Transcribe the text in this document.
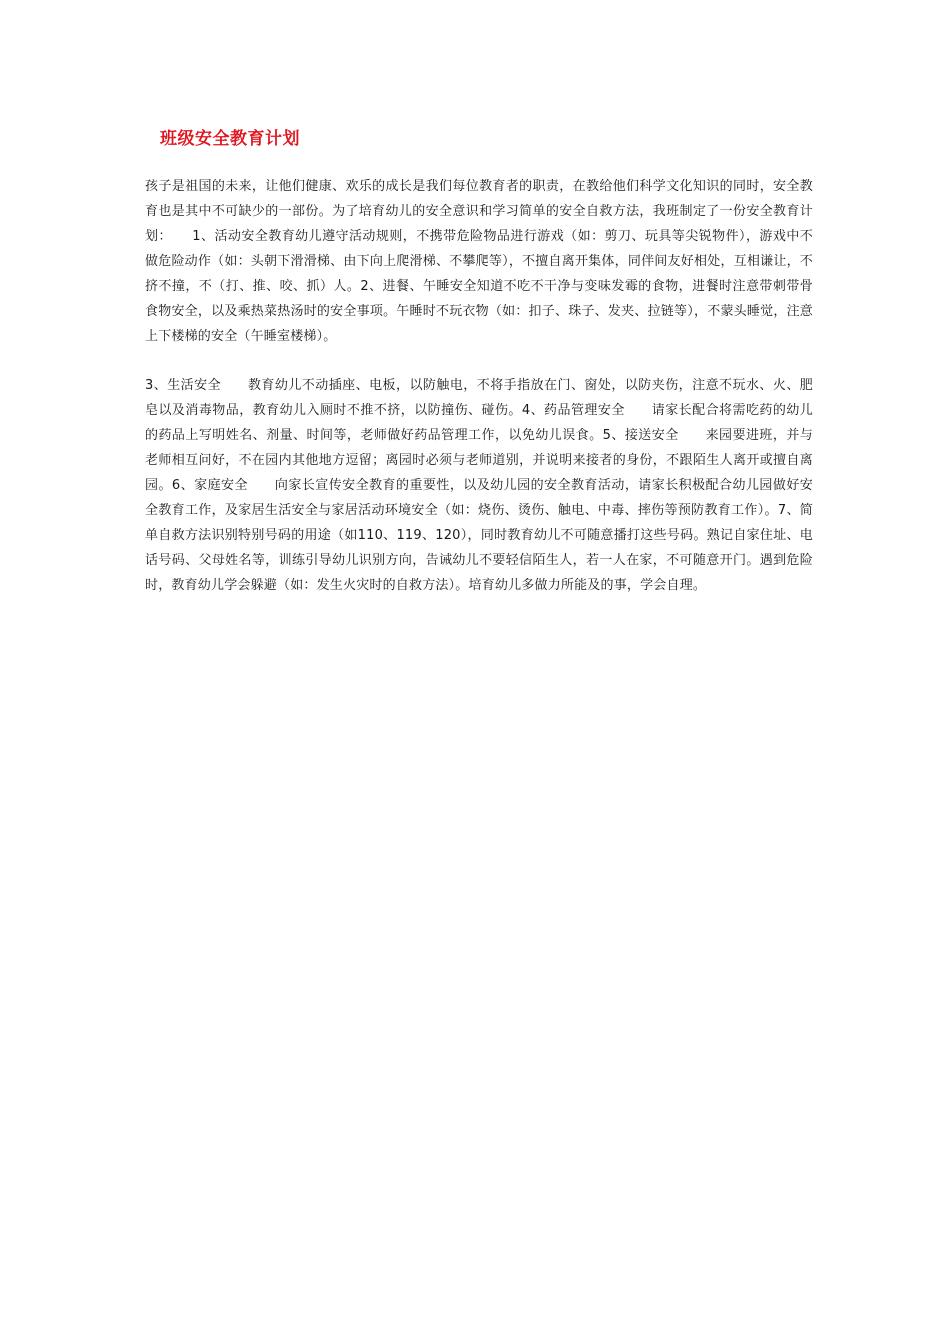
班级安全教育计划

孩子是祖国的未来，让他们健康、欢乐的成长是我们每位教育者的职责，在教给他们科学文化知识的同时，安全教育也是其中不可缺少的一部份。为了培育幼儿的安全意识和学习简单的安全自救方法，我班制定了一份安全教育计划：　　1、活动安全教育幼儿遵守活动规则，不携带危险物品进行游戏（如：剪刀、玩具等尖锐物件），游戏中不做危险动作（如：头朝下滑滑梯、由下向上爬滑梯、不攀爬等），不擅自离开集体，同伴间友好相处，互相谦让，不挤不撞，不（打、推、咬、抓）人。2、进餐、午睡安全知道不吃不干净与变味发霉的食物，进餐时注意带刺带骨食物安全，以及乘热菜热汤时的安全事项。午睡时不玩衣物（如：扣子、珠子、发夹、拉链等），不蒙头睡觉，注意上下楼梯的安全（午睡室楼梯）。

3、生活安全　　教育幼儿不动插座、电板，以防触电，不将手指放在门、窗处，以防夹伤，注意不玩水、火、肥皂以及消毒物品，教育幼儿入厕时不推不挤，以防撞伤、碰伤。4、药品管理安全　　请家长配合将需吃药的幼儿的药品上写明姓名、剂量、时间等，老师做好药品管理工作，以免幼儿误食。5、接送安全　　来园要进班，并与老师相互问好，不在园内其他地方逗留；离园时必须与老师道别，并说明来接者的身份，不跟陌生人离开或擅自离园。6、家庭安全　　向家长宣传安全教育的重要性，以及幼儿园的安全教育活动，请家长积极配合幼儿园做好安全教育工作，及家居生活安全与家居活动环境安全（如：烧伤、烫伤、触电、中毒、摔伤等预防教育工作）。7、简单自救方法识别特别号码的用途（如110、119、120），同时教育幼儿不可随意播打这些号码。熟记自家住址、电话号码、父母姓名等，训练引导幼儿识别方向，告诫幼儿不要轻信陌生人，若一人在家，不可随意开门。遇到危险时，教育幼儿学会躲避（如：发生火灾时的自救方法）。培育幼儿多做力所能及的事，学会自理。
